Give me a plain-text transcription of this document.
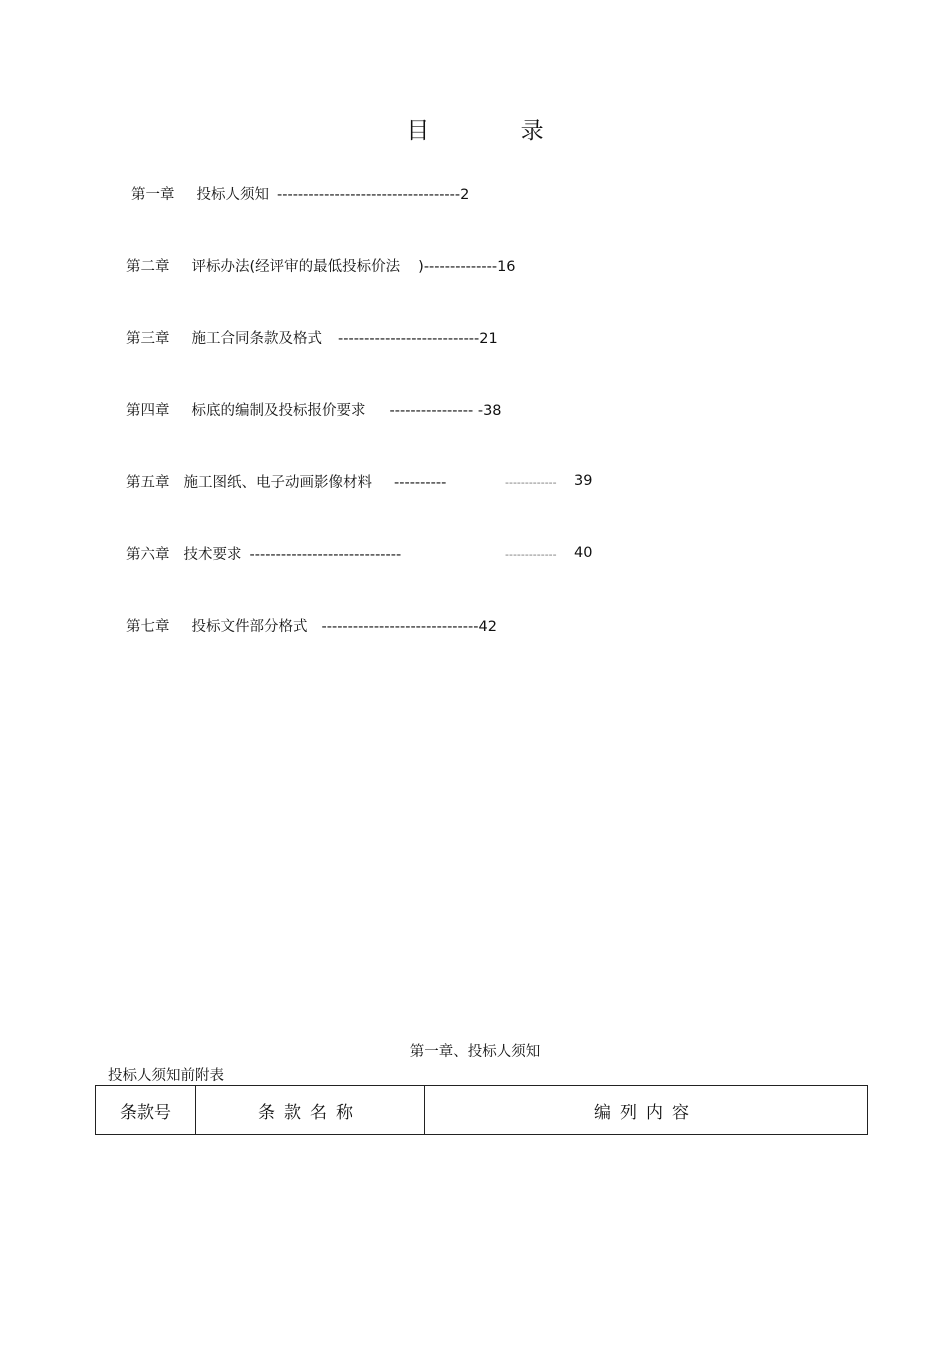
目 录
第一章 投标人须知 -----------------------------------2
第二章 评标办法(经评审的最低投标价法 )--------------16
第三章 施工合同条款及格式 ---------------------------21
第四章 标底的编制及投标报价要求 ---------------- -38
第五章 施工图纸、电子动画影像材料 ----------	------------- 39
第六章 技术要求 -----------------------------	------------- 40
第七章 投标文件部分格式 ------------------------------42
第一章、投标人须知
投标人须知前附表
条款号	条款名称	编列内容
